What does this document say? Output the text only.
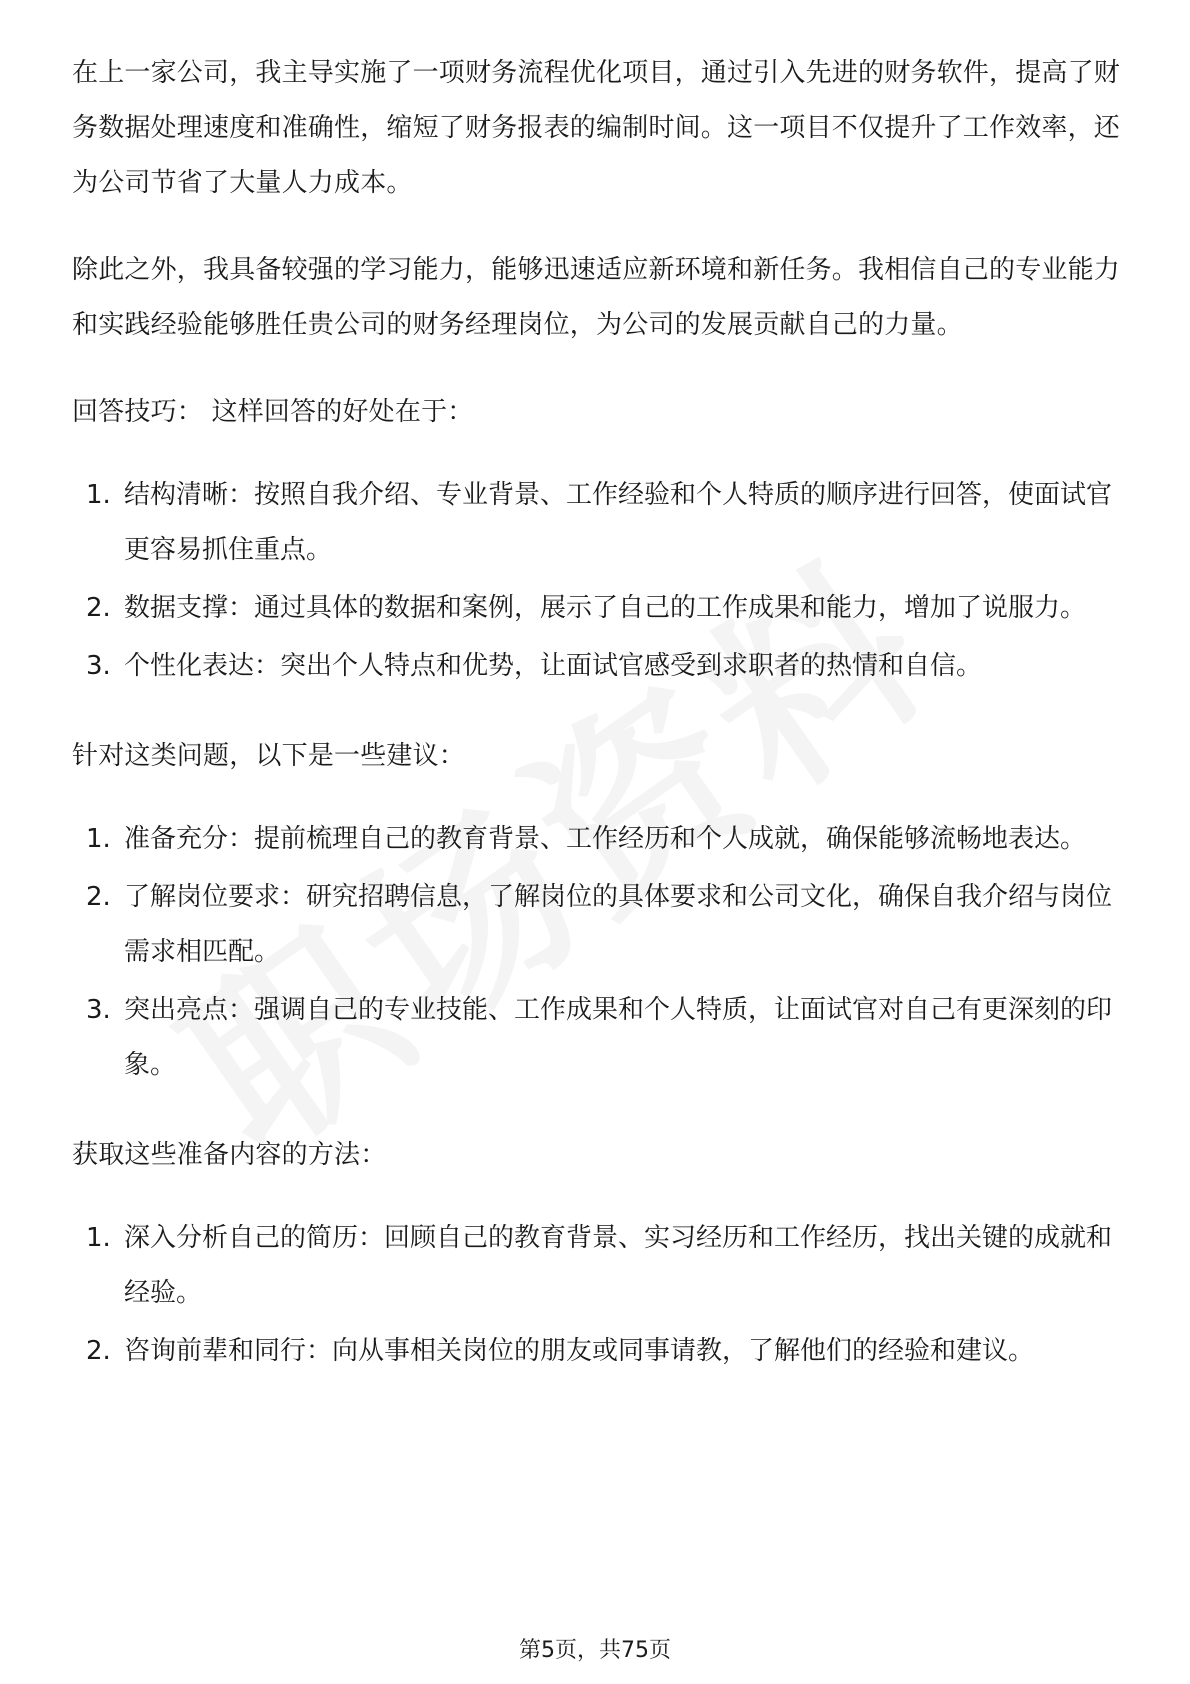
在上一家公司，我主导实施了一项财务流程优化项目，通过引入先进的财务软件，提高了财务数据处理速度和准确性，缩短了财务报表的编制时间。这一项目不仅提升了工作效率，还为公司节省了大量人力成本。

除此之外，我具备较强的学习能力，能够迅速适应新环境和新任务。我相信自己的专业能力和实践经验能够胜任贵公司的财务经理岗位，为公司的发展贡献自己的力量。

回答技巧： 这样回答的好处在于：

1. 结构清晰：按照自我介绍、专业背景、工作经验和个人特质的顺序进行回答，使面试官更容易抓住重点。
2. 数据支撑：通过具体的数据和案例，展示了自己的工作成果和能力，增加了说服力。
3. 个性化表达：突出个人特点和优势，让面试官感受到求职者的热情和自信。

针对这类问题，以下是一些建议：

1. 准备充分：提前梳理自己的教育背景、工作经历和个人成就，确保能够流畅地表达。
2. 了解岗位要求：研究招聘信息，了解岗位的具体要求和公司文化，确保自我介绍与岗位需求相匹配。
3. 突出亮点：强调自己的专业技能、工作成果和个人特质，让面试官对自己有更深刻的印象。

获取这些准备内容的方法：

1. 深入分析自己的简历：回顾自己的教育背景、实习经历和工作经历，找出关键的成就和经验。
2. 咨询前辈和同行：向从事相关岗位的朋友或同事请教，了解他们的经验和建议。
第5页，共75页
